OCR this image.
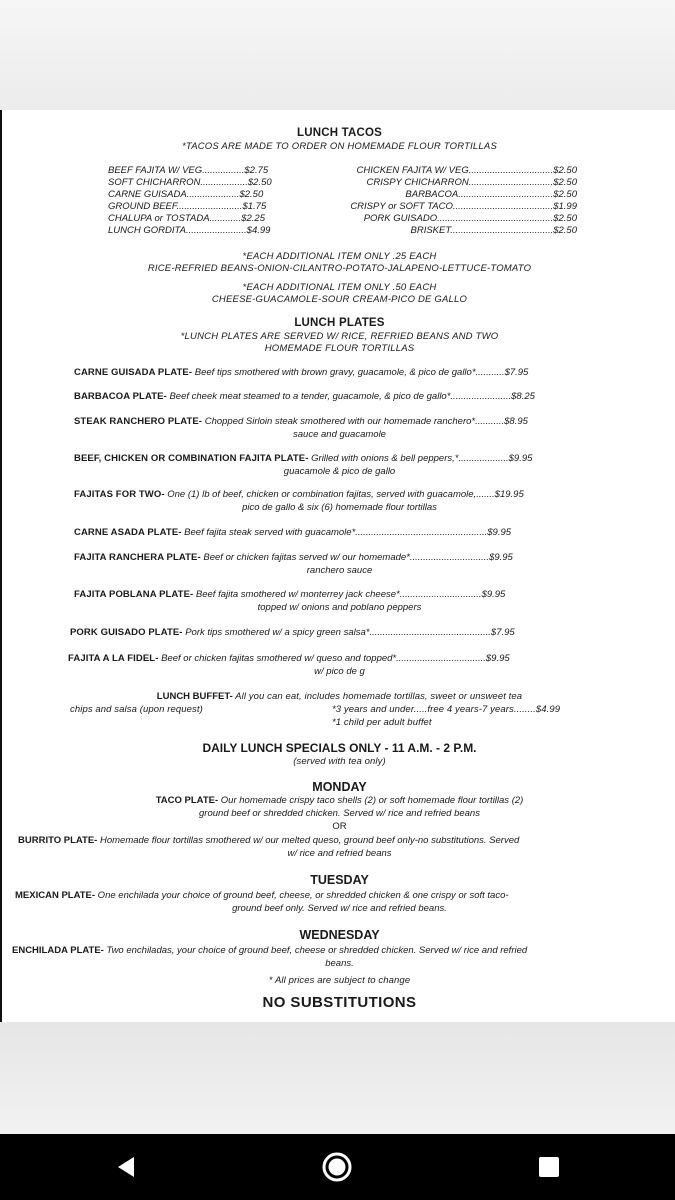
LUNCH TACOS
*TACOS ARE MADE TO ORDER ON HOMEMADE FLOUR TORTILLAS
BEEF FAJITA W/ VEG................$2.75
SOFT CHICHARRON..................$2.50
CARNE GUISADA....................$2.50
GROUND BEEF.........................$1.75
CHALUPA or TOSTADA............$2.25
LUNCH GORDITA.......................$4.99
CHICKEN FAJITA W/ VEG................................$2.50
CRISPY CHICHARRON................................$2.50
BARBACOA....................................$2.50
CRISPY or SOFT TACO......................................$1.99
PORK GUISADO............................................$2.50
BRISKET.......................................$2.50
*EACH ADDITIONAL ITEM ONLY .25 EACH
RICE-REFRIED BEANS-ONION-CILANTRO-POTATO-JALAPENO-LETTUCE-TOMATO
*EACH ADDITIONAL ITEM ONLY .50 EACH
CHEESE-GUACAMOLE-SOUR CREAM-PICO DE GALLO
LUNCH PLATES
*LUNCH PLATES ARE SERVED W/ RICE, REFRIED BEANS AND TWO
HOMEMADE FLOUR TORTILLAS
CARNE GUISADA PLATE- Beef tips smothered with brown gravy, guacamole, & pico de gallo*...........$7.95
BARBACOA PLATE- Beef cheek meat steamed to a tender, guacamole, & pico de gallo*.......................$8.25
STEAK RANCHERO PLATE- Chopped Sirloin steak smothered with our homemade ranchero*...........$8.95
sauce and guacamole
BEEF, CHICKEN OR COMBINATION FAJITA PLATE- Grilled with onions & bell peppers,*...................$9.95
guacamole & pico de gallo
FAJITAS FOR TWO- One (1) lb of beef, chicken or combination fajitas, served with guacamole,.......$19.95
pico de gallo & six (6) homemade flour tortillas
CARNE ASADA PLATE- Beef fajita steak served with guacamole*..................................................$9.95
FAJITA RANCHERA PLATE- Beef or chicken fajitas served w/ our homemade*..............................$9.95
ranchero sauce
FAJITA POBLANA PLATE- Beef fajita smothered w/ monterrey jack cheese*...............................$9.95
topped w/ onions and poblano peppers
PORK GUISADO PLATE- Pork tips smothered w/ a spicy green salsa*..............................................$7.95
FAJITA A LA FIDEL- Beef or chicken fajitas smothered w/ queso and topped*..................................$9.95
w/ pico de g
LUNCH BUFFET- All you can eat, includes homemade tortillas, sweet or unsweet tea
chips and salsa (upon request)	*3 years and under.....free 4 years-7 years........$4.99
*1 child per adult buffet
DAILY LUNCH SPECIALS ONLY - 11 A.M. - 2 P.M.
(served with tea only)
MONDAY
TACO PLATE- Our homemade crispy taco shells (2) or soft homemade flour tortillas (2)
ground beef or shredded chicken. Served w/ rice and refried beans
OR
BURRITO PLATE- Homemade flour tortillas smothered w/ our melted queso, ground beef only-no substitutions. Served
w/ rice and refried beans
TUESDAY
MEXICAN PLATE- One enchilada your choice of ground beef, cheese, or shredded chicken & one crispy or soft taco-
ground beef only. Served w/ rice and refried beans.
WEDNESDAY
ENCHILADA PLATE- Two enchiladas, your choice of ground beef, cheese or shredded chicken. Served w/ rice and refried
beans.
* All prices are subject to change
NO SUBSTITUTIONS
